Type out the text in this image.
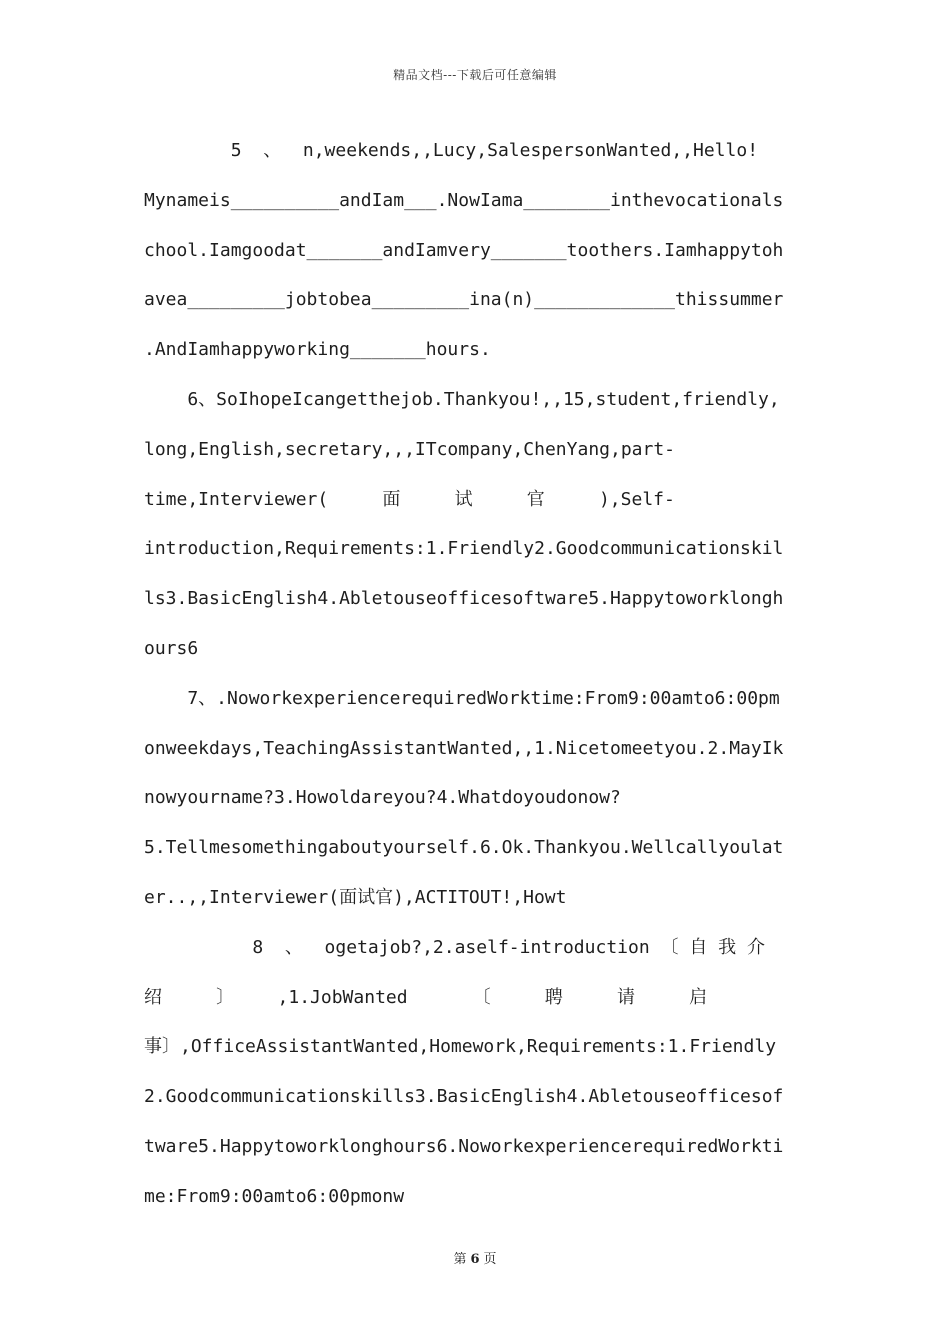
精品文档---下载后可任意编辑
5  、  n,weekends,,Lucy,SalespersonWanted,,Hello!
Mynameis__________andIam___.NowIama________inthevocationals
chool.Iamgoodat_______andIamvery_______toothers.Iamhappytoh
avea_________jobtobea_________ina(n)_____________thissummer
.AndIamhappyworking_______hours.
6、SoIhopeIcangetthejob.Thankyou!,,15,student,friendly,
long,English,secretary,,,ITcompany,ChenYang,part-
time,Interviewer(     面     试     官     ),Self-
introduction,Requirements:1.Friendly2.Goodcommunicationskil
ls3.BasicEnglish4.Abletouseofficesoftware5.Happytoworklongh
ours6
7、.NoworkexperiencerequiredWorktime:From9:00amto6:00pm
onweekdays,TeachingAssistantWanted,,1.Nicetomeetyou.2.MayIk
nowyourname?3.Howoldareyou?4.Whatdoyoudonow?
5.Tellmesomethingaboutyourself.6.Ok.Thankyou.Wellcallyoulat
er..,,Interviewer(面试官),ACTITOUT!,Howt
8  、  ogetajob?,2.aself-introduction 〔 自 我 介
绍     〕    ,1.JobWanted      〔     聘     请     启
事〕,OfficeAssistantWanted,Homework,Requirements:1.Friendly
2.Goodcommunicationskills3.BasicEnglish4.Abletouseofficesof
tware5.Happytoworklonghours6.NoworkexperiencerequiredWorkti
me:From9:00amto6:00pmonw
第 6 页
